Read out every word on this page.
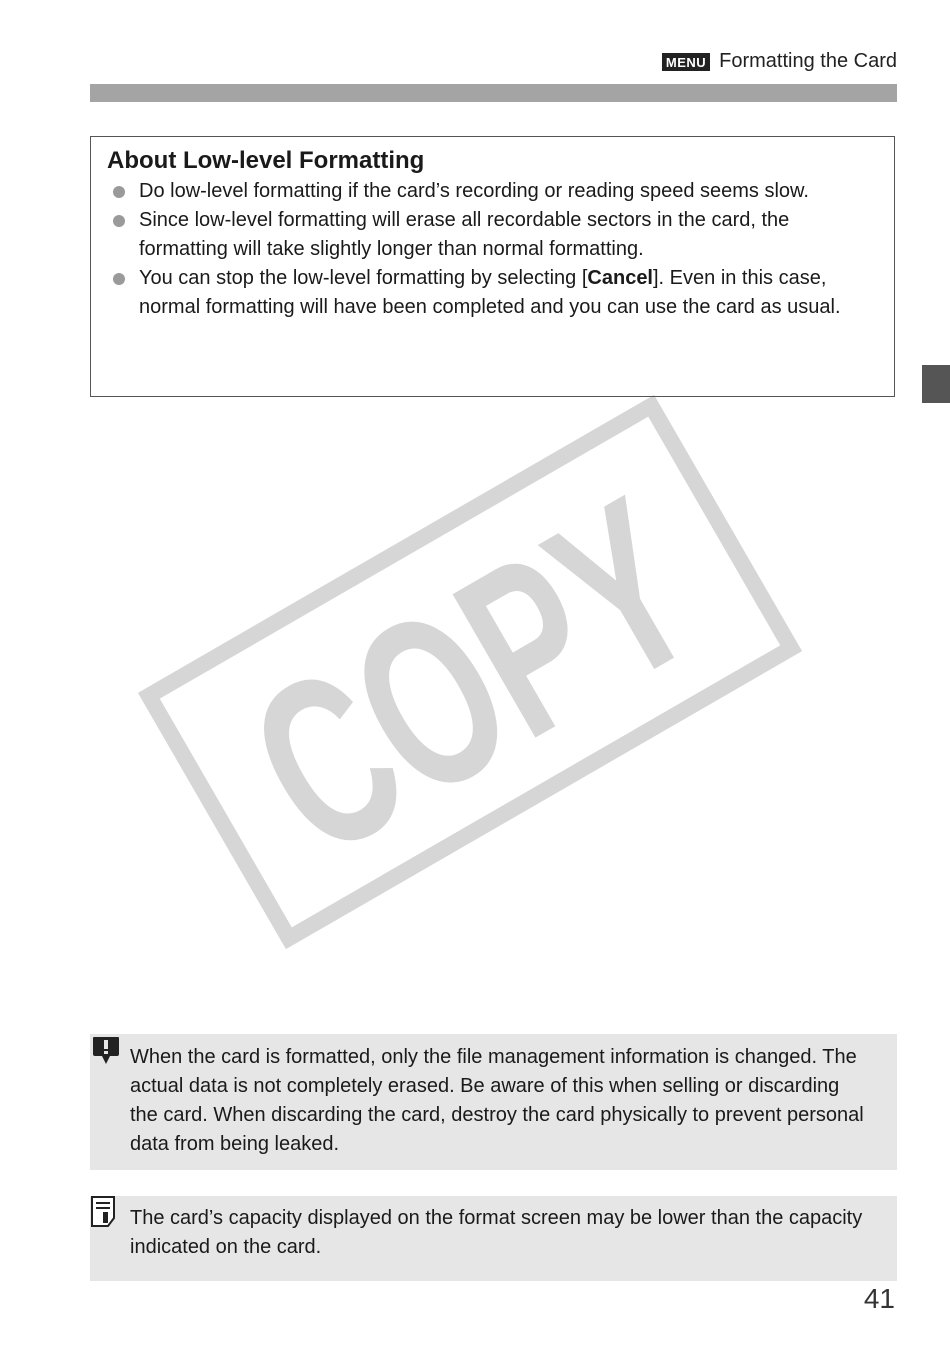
MENU Formatting the Card
COPY
About Low-level Formatting
Do low-level formatting if the card’s recording or reading speed seems slow.
Since low-level formatting will erase all recordable sectors in the card, the formatting will take slightly longer than normal formatting.
You can stop the low-level formatting by selecting [Cancel]. Even in this case, normal formatting will have been completed and you can use the card as usual.
When the card is formatted, only the file management information is changed. The actual data is not completely erased. Be aware of this when selling or discarding the card. When discarding the card, destroy the card physically to prevent personal data from being leaked.
The card’s capacity displayed on the format screen may be lower than the capacity indicated on the card.
41
